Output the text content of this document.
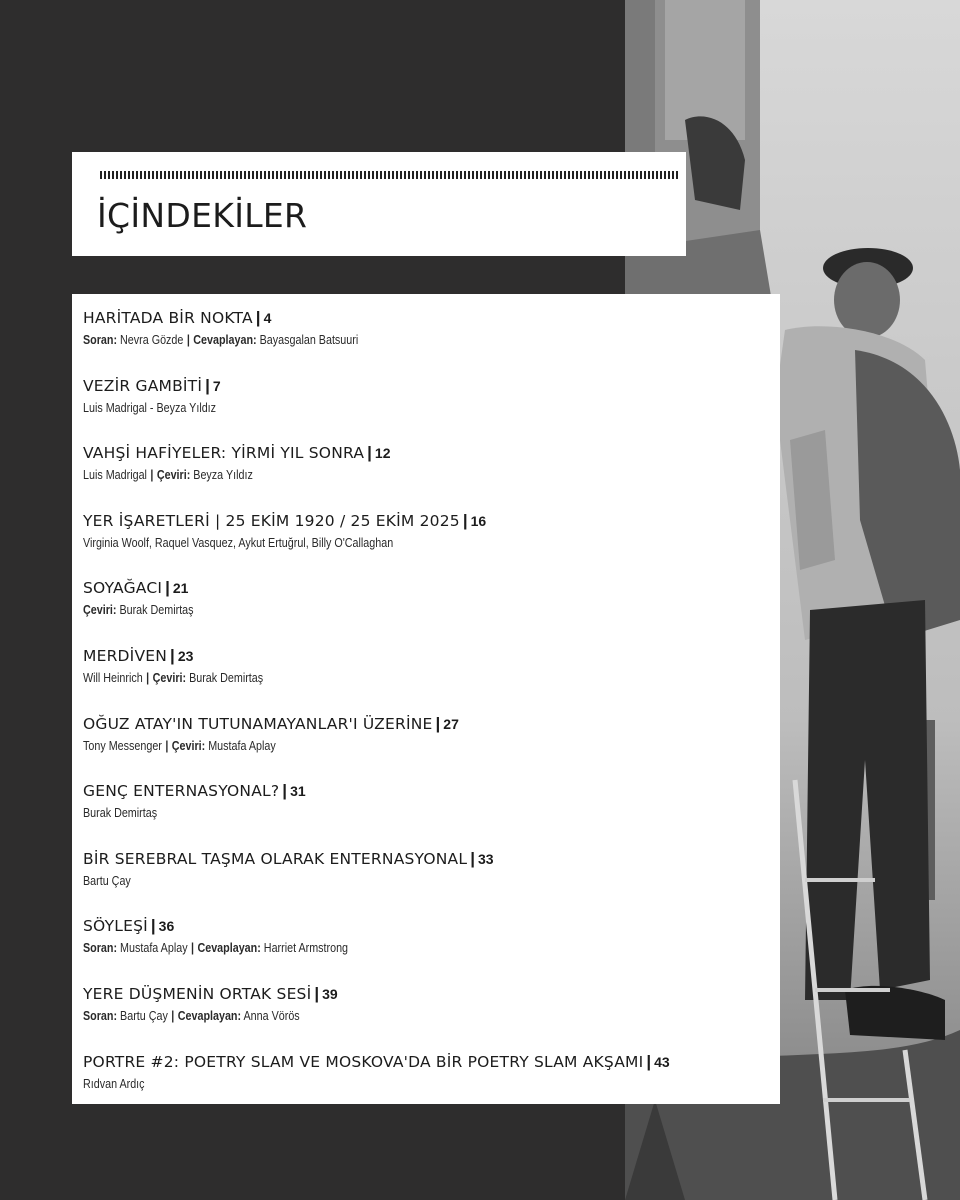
İÇİNDEKİLER
HARİTADA BİR NOKTA | 4
Soran: Nevra Gözde | Cevaplayan: Bayasgalan Batsuuri
VEZİR GAMBİTİ | 7
Luis Madrigal - Beyza Yıldız
VAHŞİ HAFİYELER: YİRMİ YIL SONRA | 12
Luis Madrigal | Çeviri: Beyza Yıldız
YER İŞARETLERİ | 25 EKİM 1920 / 25 EKİM 2025 | 16
Virginia Woolf, Raquel Vasquez, Aykut Ertuğrul, Billy O'Callaghan
SOYAĞACI | 21
Çeviri: Burak Demirtaş
MERDİVEN | 23
Will Heinrich | Çeviri: Burak Demirtaş
OĞUZ ATAY'IN TUTUNAMAYANLAR'I ÜZERİNE | 27
Tony Messenger | Çeviri: Mustafa Aplay
GENÇ ENTERNASYONAL? | 31
Burak Demirtaş
BİR SEREBRAL TAŞMA OLARAK ENTERNASYONAL | 33
Bartu Çay
SÖYLEŞİ | 36
Soran: Mustafa Aplay | Cevaplayan: Harriet Armstrong
YERE DÜŞMENİN ORTAK SESİ | 39
Soran: Bartu Çay | Cevaplayan: Anna Vörös
PORTRE #2: POETRY SLAM VE MOSKOVA'DA BİR POETRY SLAM AKŞAMI | 43
Rıdvan Ardıç
